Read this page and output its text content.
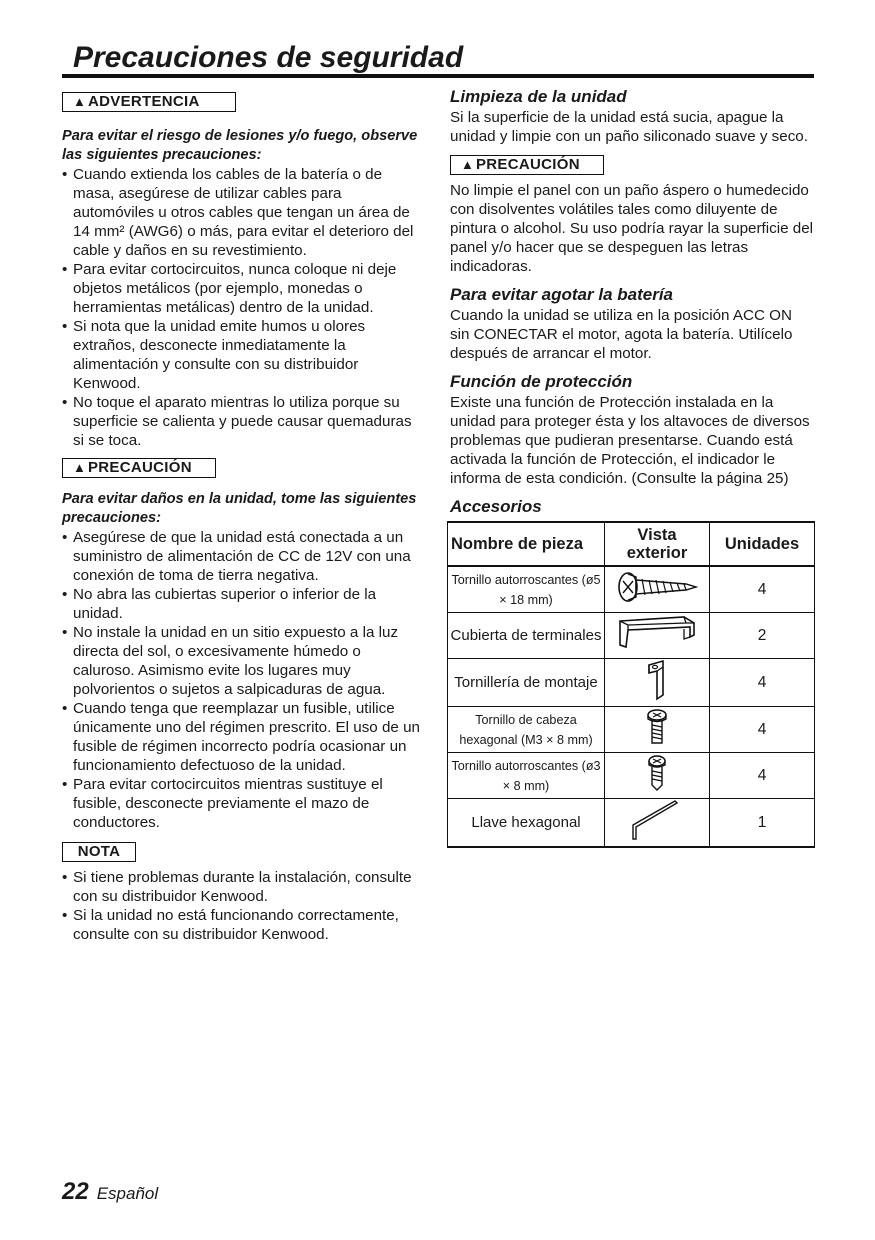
Precauciones de seguridad
▲ ADVERTENCIA

Para evitar el riesgo de lesiones y/o fuego, observe las siguientes precauciones:

• Cuando extienda los cables de la batería o de masa, asegúrese de utilizar cables para automóviles u otros cables que tengan un área de 14 mm² (AWG6) o más, para evitar el deterioro del cable y daños en su revestimiento.
• Para evitar cortocircuitos, nunca coloque ni deje objetos metálicos (por ejemplo, monedas o herramientas metálicas) dentro de la unidad.
• Si nota que la unidad emite humos u olores extraños, desconecte inmediatamente la alimentación y consulte con su distribuidor Kenwood.
• No toque el aparato mientras lo utiliza porque su superficie se calienta y puede causar quemaduras si se toca.
▲ PRECAUCIÓN

Para evitar daños en la unidad, tome las siguientes precauciones:

• Asegúrese de que la unidad está conectada a un suministro de alimentación de CC de 12V con una conexión de toma de tierra negativa.
• No abra las cubiertas superior o inferior de la unidad.
• No instale la unidad en un sitio expuesto a la luz directa del sol, o excesivamente húmedo o caluroso. Asimismo evite los lugares muy polvorientos o sujetos a salpicaduras de agua.
• Cuando tenga que reemplazar un fusible, utilice únicamente uno del régimen prescrito. El uso de un fusible de régimen incorrecto podría ocasionar un funcionamiento defectuoso de la unidad.
• Para evitar cortocircuitos mientras sustituye el fusible, desconecte previamente el mazo de conductores.
NOTA
• Si tiene problemas durante la instalación, consulte con su distribuidor Kenwood.
• Si la unidad no está funcionando correctamente, consulte con su distribuidor Kenwood.
Limpieza de la unidad

Si la superficie de la unidad está sucia, apague la unidad y limpie con un paño siliconado suave y seco.

▲ PRECAUCIÓN

No limpie el panel con un paño áspero o humedecido con disolventes volátiles tales como diluyente de pintura o alcohol. Su uso podría rayar la superficie del panel y/o hacer que se despeguen las letras indicadoras.

Para evitar agotar la batería

Cuando la unidad se utiliza en la posición ACC ON sin CONECTAR el motor, agota la batería. Utilícelo después de arrancar el motor.

Función de protección

Existe una función de Protección instalada en la unidad para proteger ésta y los altavoces de diversos problemas que pudieran presentarse. Cuando está activada la función de Protección, el indicador le informa de esta condición. (Consulte la página 25)

Accesorios
Nombre de pieza	Vista exterior	Unidades
Tornillo autorroscantes (ø5 × 18 mm)		4
Cubierta de terminales		2
Tornillería de montaje		4
Tornillo de cabeza hexagonal (M3 × 8 mm)		4
Tornillo autorroscantes (ø3 × 8 mm)		4
Llave hexagonal		1
22 Español
